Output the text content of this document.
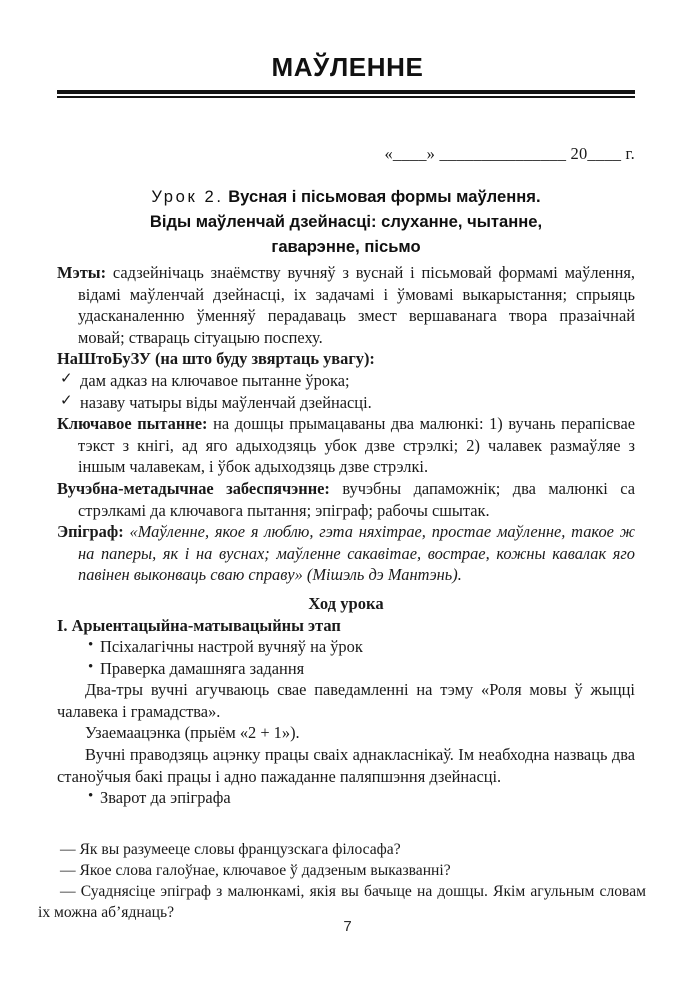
МАЎЛЕННЕ
«____» _______________ 20____ г.
Урок 2. Вусная і пісьмовая формы маўлення.
Віды маўленчай дзейнасці: слуханне, чытанне,
гаварэнне, пісьмо

Мэты: садзейнічаць знаёмству вучняў з вуснай і пісьмовай формамі маўлення, відамі маўленчай дзейнасці, іх задачамі і ўмовамі выкарыстання; спрыяць удасканаленню ўменняў перадаваць змест вершаванага твора празаічнай мовай; ствараць сітуацыю поспеху.

НаШтоБуЗУ (на што буду звяртаць увагу):

✓ дам адказ на ключавое пытанне ўрока;
✓ назаву чатыры віды маўленчай дзейнасці.

Ключавое пытанне: на дошцы прымацаваны два малюнкі: 1) вучань перапісвае тэкст з кнігі, ад яго адыходзяць убок дзве стрэлкі; 2) чалавек размаўляе з іншым чалавекам, і ўбок адыходзяць дзве стрэлкі.

Вучэбна-метадычнае забеспячэнне: вучэбны дапаможнік; два малюнкі са стрэлкамі да ключавога пытання; эпіграф; рабочы сшытак.

Эпіграф: «Маўленне, якое я люблю, гэта няхітрае, простае маўленне, такое ж на паперы, як і на вуснах; маўленне сакавітае, вострае, кожны кавалак яго павінен выконваць сваю справу» (Мішэль дэ Мантэнь).

Ход урока

І. Арыентацыйна-матывацыйны этап

• Псіхалагічны настрой вучняў на ўрок
• Праверка дамашняга задання

Два-тры вучні агучваюць свае паведамленні на тэму «Роля мовы ў жыцці чалавека і грамадства».

Узаемаацэнка (прыём «2 + 1»).

Вучні праводзяць ацэнку працы сваіх аднакласнікаў. Ім неабходна назваць два станоўчыя бакі працы і адно пажаданне паляпшэння дзейнасці.

• Зварот да эпіграфа

— Як вы разумееце словы французскага філосафа?

— Якое слова галоўнае, ключавое ў дадзеным выказванні?

— Суаднясіце эпіграф з малюнкамі, якія вы бачыце на дошцы. Якім агульным словам іх можна аб’яднаць?

7
